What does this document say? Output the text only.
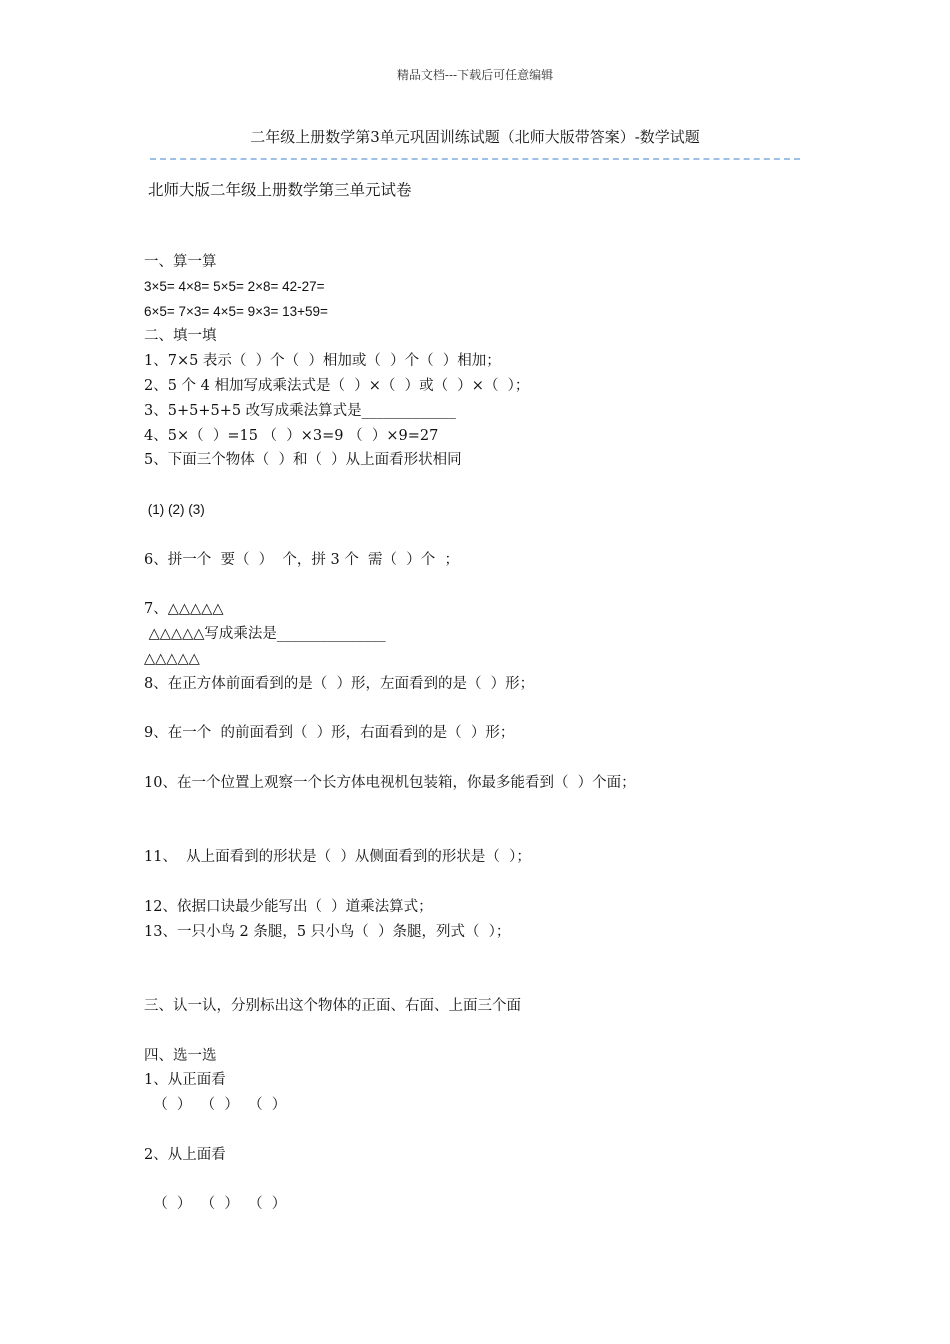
精品文档---下载后可任意编辑
二年级上册数学第3单元巩固训练试题（北师大版带答案）-数学试题
北师大版二年级上册数学第三单元试卷
一、算一算
3×5= 4×8= 5×5= 2×8= 42-27=
6×5= 7×3= 4×5= 9×3= 13+59=
二、填一填
1、7×5 表示（  ）个（  ）相加或（  ）个（  ）相加；
2、5 个 4 相加写成乘法式是（  ）×（  ）或（  ）×（  ）；
3、5+5+5+5 改写成乘法算式是_____________
4、5×（  ）=15 （  ）×3=9 （  ）×9=27
5、下面三个物体（  ）和（  ）从上面看形状相同
(1) (2) (3)
6、拼一个  要（  ）  个，拼 3 个  需（  ）个  ；
7、△△△△△
△△△△△写成乘法是_______________
△△△△△
8、在正方体前面看到的是（  ）形，左面看到的是（  ）形；
9、在一个  的前面看到（  ）形，右面看到的是（  ）形；
10、在一个位置上观察一个长方体电视机包装箱，你最多能看到（  ）个面；
11、  从上面看到的形状是（  ）从侧面看到的形状是（  ）；
12、依据口诀最少能写出（  ）道乘法算式；
13、一只小鸟 2 条腿，5 只小鸟（  ）条腿，列式（  ）；
三、认一认，分别标出这个物体的正面、右面、上面三个面
四、选一选
1、从正面看
（  ）  （  ）  （  ）
2、从上面看
（  ）  （  ）  （  ）
